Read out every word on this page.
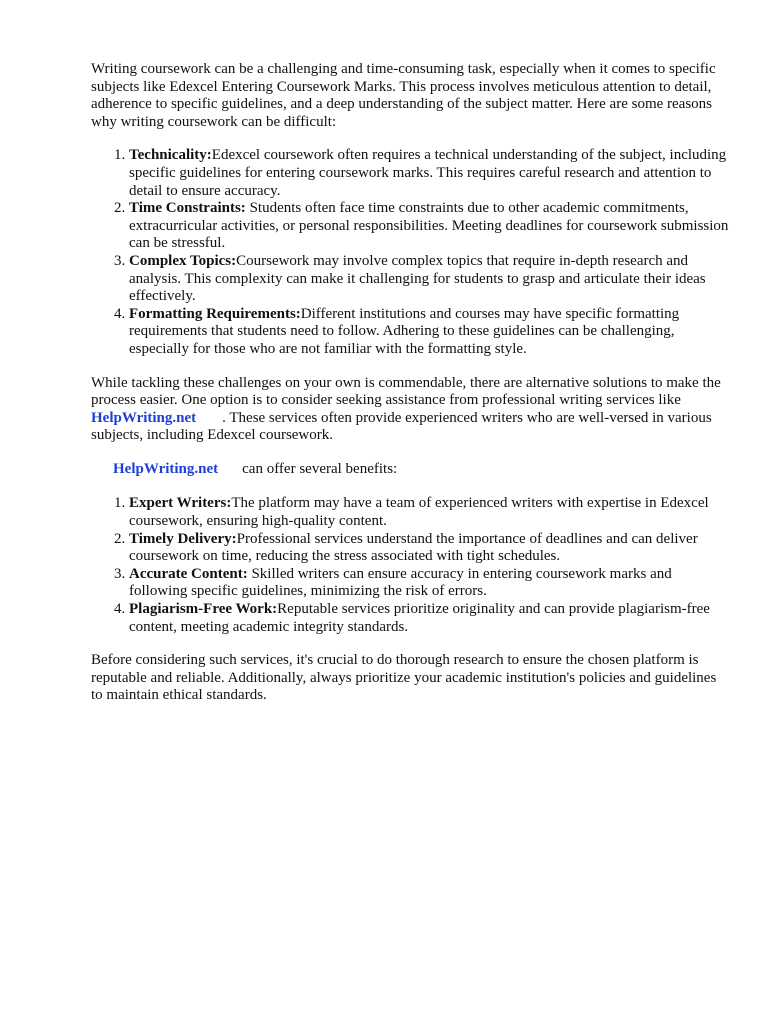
Writing coursework can be a challenging and time-consuming task, especially when it comes to specific subjects like Edexcel Entering Coursework Marks. This process involves meticulous attention to detail, adherence to specific guidelines, and a deep understanding of the subject matter. Here are some reasons why writing coursework can be difficult:

1. Technicality:Edexcel coursework often requires a technical understanding of the subject, including specific guidelines for entering coursework marks. This requires careful research and attention to detail to ensure accuracy.
2. Time Constraints: Students often face time constraints due to other academic commitments, extracurricular activities, or personal responsibilities. Meeting deadlines for coursework submission can be stressful.
3. Complex Topics:Coursework may involve complex topics that require in-depth research and analysis. This complexity can make it challenging for students to grasp and articulate their ideas effectively.
4. Formatting Requirements:Different institutions and courses may have specific formatting requirements that students need to follow. Adhering to these guidelines can be challenging, especially for those who are not familiar with the formatting style.

While tackling these challenges on your own is commendable, there are alternative solutions to make the process easier. One option is to consider seeking assistance from professional writing services likeHelpWriting.net . These services often provide experienced writers who are well-versed in various subjects, including Edexcel coursework.

HelpWriting.net can offer several benefits:

1. Expert Writers:The platform may have a team of experienced writers with expertise in Edexcel coursework, ensuring high-quality content.
2. Timely Delivery:Professional services understand the importance of deadlines and can deliver coursework on time, reducing the stress associated with tight schedules.
3. Accurate Content: Skilled writers can ensure accuracy in entering coursework marks and following specific guidelines, minimizing the risk of errors.
4. Plagiarism-Free Work:Reputable services prioritize originality and can provide plagiarism-free content, meeting academic integrity standards.

Before considering such services, it's crucial to do thorough research to ensure the chosen platform is reputable and reliable. Additionally, always prioritize your academic institution's policies and guidelines to maintain ethical standards.
